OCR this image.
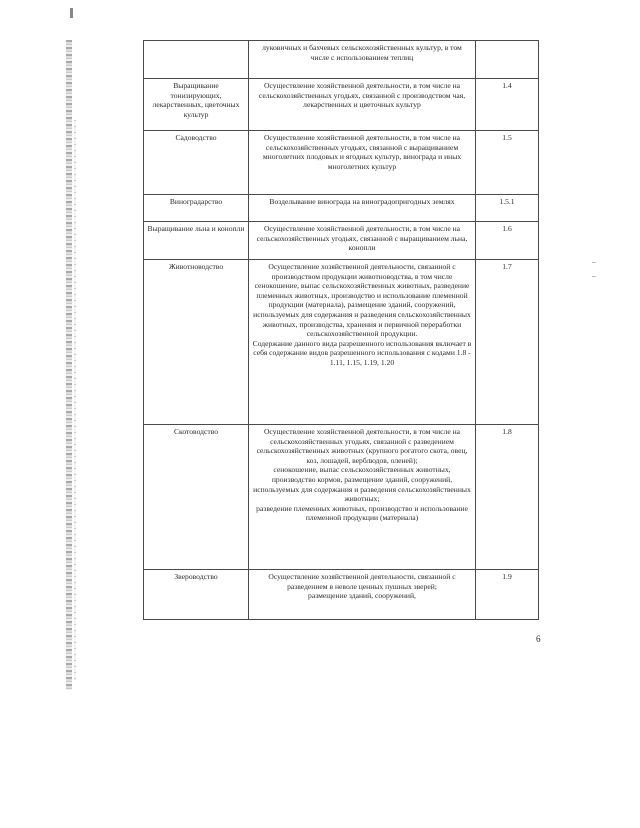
	луковичных и бахчевых сельскохозяйственных культур, в том числе с использованием теплиц	

Выращивание тонизирующих, лекарственных, цветочных культур	Осуществление хозяйственной деятельности, в том числе на сельскохозяйственных угодьях, связанной с производством чая, лекарственных и цветочных культур	1.4
Садоводство	Осуществление хозяйственной деятельности, в том числе на сельскохозяйственных угодьях, связанной с выращиванием многолетних плодовых и ягодных культур, винограда и иных многолетних культур	1.5
Виноградарство	Возделывание винограда на виноградопригодных землях	1.5.1
Выращивание льна и конопли	Осуществление хозяйственной деятельности, в том числе на сельскохозяйственных угодьях, связанной с выращиванием льна, конопли	1.6
Животноводство	Осуществление хозяйственной деятельности, связанной с производством продукции животноводства, в том числе сенокошение, выпас сельскохозяйственных животных, разведение племенных животных, производство и использование племенной продукции (материала), размещение зданий, сооружений, используемых для содержания и разведения сельскохозяйственных животных, производства, хранения и первичной переработки сельскохозяйственной продукции.

Содержание данного вида разрешенного использования включает в себя содержание видов разрешенного использования с кодами 1.8 - 1.11, 1.15, 1.19, 1.20	1.7
Скотоводство	Осуществление хозяйственной деятельности, в том числе на сельскохозяйственных угодьях, связанной с разведением сельскохозяйственных животных (крупного рогатого скота, овец, коз, лошадей, верблюдов, оленей);

сенокошение, выпас сельскохозяйственных животных, производство кормов, размещение зданий, сооружений, используемых для содержания и разведения сельскохозяйственных животных;

разведение племенных животных, производство и использование племенной продукции (материала)	1.8
Звероводство	Осуществление хозяйственной деятельности, связанной с разведением в неволе ценных пушных зверей;

размещение зданий, сооружений,	1.9
6
